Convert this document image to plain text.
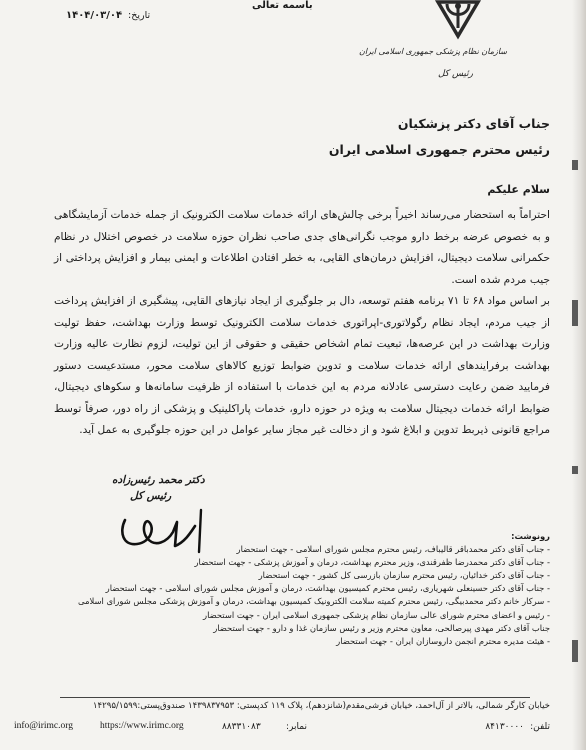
باسمه تعالی
تاریخ:
۱۴۰۴/۰۳/۰۴
سازمان نظام پزشکی جمهوری اسلامی ایران
رئیس کل
جناب آقای دکتر پزشکیان
رئیس محترم جمهوری اسلامی ایران
سلام علیکم

احتراماً به استحضار می‌رساند اخیراً برخی چالش‌های ارائه خدمات سلامت الکترونیک از جمله خدمات آزمایشگاهی و به خصوص عرضه برخط دارو موجب نگرانی‌های جدی صاحب نظران حوزه سلامت در خصوص اختلال در نظام حکمرانی سلامت دیجیتال، افزایش درمان‌های القایی، به خطر افتادن اطلاعات و ایمنی بیمار و افزایش پرداختی از جیب مردم شده است.

بر اساس مواد ۶۸ تا ۷۱ برنامه هفتم توسعه، دال بر جلوگیری از ایجاد نیازهای القایی، پیشگیری از افزایش پرداخت از جیب مردم، ایجاد نظام رگولاتوری-اپراتوری خدمات سلامت الکترونیک توسط وزارت بهداشت، حفظ تولیت وزارت بهداشت در این عرصه‌ها، تبعیت تمام اشخاص حقیقی و حقوقی از این تولیت، لزوم نظارت عالیه وزارت بهداشت برفرایندهای ارائه خدمات سلامت و تدوین ضوابط توزیع کالاهای سلامت محور، مستدعیست دستور فرمایید ضمن رعایت دسترسی عادلانه مردم به این خدمات با استفاده از ظرفیت سامانه‌ها و سکوهای دیجیتال، ضوابط ارائه خدمات دیجیتال سلامت به ویژه در حوزه دارو، خدمات پاراکلینیک و پزشکی از راه دور، صرفاً توسط مراجع قانونی ذیربط تدوین و ابلاغ شود و از دخالت غیر مجاز سایر عوامل در این حوزه جلوگیری به عمل آید.

دکتر محمد رئیس‌زاده
رئیس کل
رونوشت:
- جناب آقای دکتر محمدباقر قالیباف، رئیس محترم مجلس شورای اسلامی - جهت استحضار
- جناب آقای دکتر محمدرضا ظفرقندی، وزیر محترم بهداشت، درمان و آموزش پزشکی - جهت استحضار
- جناب آقای دکتر خدائیان، رئیس محترم سازمان بازرسی کل کشور - جهت استحضار
- جناب آقای دکتر حسینعلی شهریاری، رئیس محترم کمیسیون بهداشت، درمان و آموزش مجلس شورای اسلامی - جهت استحضار
- سرکار خانم دکتر محمدبیگی، رئیس محترم کمیته سلامت الکترونیک کمیسیون بهداشت، درمان و آموزش پزشکی مجلس شورای اسلامی
- رئیس و اعضای محترم شورای عالی سازمان نظام پزشکی جمهوری اسلامی ایران - جهت استحضار
جناب آقای دکتر مهدی پیرصالحی، معاون محترم وزیر و رئیس سازمان غذا و دارو - جهت استحضار
- هیئت مدیره محترم انجمن داروسازان ایران - جهت استحضار
خیابان کارگر شمالی، بالاتر از آل‌احمد، خیابان فرشی‌مقدم(شانزدهم)، پلاک ۱۱۹ کدپستی: ۱۴۳۹۸۳۷۹۵۳ صندوق‌پستی:۱۴۲۹۵/۱۵۹۹
تلفن:
۸۴۱۳۰۰۰۰
نمابر:
۸۸۳۳۱۰۸۳
https://www.irimc.org
info@irimc.org
